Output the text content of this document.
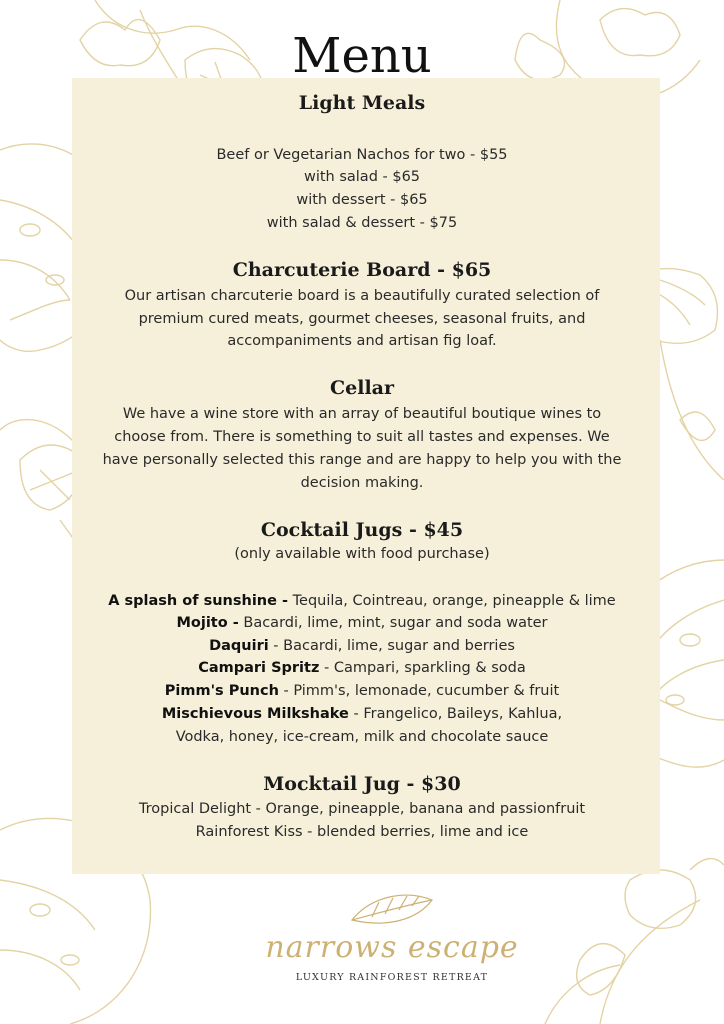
Menu
Light Meals
Beef or Vegetarian Nachos for two - $55
with salad - $65
with dessert - $65
with salad & dessert - $75
Charcuterie Board - $65
Our artisan charcuterie board is a beautifully curated selection of
premium cured meats, gourmet cheeses, seasonal fruits, and
accompaniments and artisan fig loaf.
Cellar
We have a wine store with an array of beautiful boutique wines to
choose from. There is something to suit all tastes and expenses. We
have personally selected this range and are happy to help you with the
decision making.
Cocktail Jugs - $45
(only available with food purchase)
A splash of sunshine - Tequila, Cointreau, orange, pineapple & lime
Mojito - Bacardi, lime, mint, sugar and soda water
Daquiri - Bacardi, lime, sugar and berries
Campari Spritz - Campari, sparkling & soda
Pimm's Punch - Pimm's, lemonade, cucumber & fruit
Mischievous Milkshake - Frangelico, Baileys, Kahlua,
Vodka, honey, ice-cream, milk and chocolate sauce
Mocktail Jug - $30
Tropical Delight - Orange, pineapple, banana and passionfruit
Rainforest Kiss - blended berries, lime and ice
narrows escape
LUXURY RAINFOREST RETREAT
